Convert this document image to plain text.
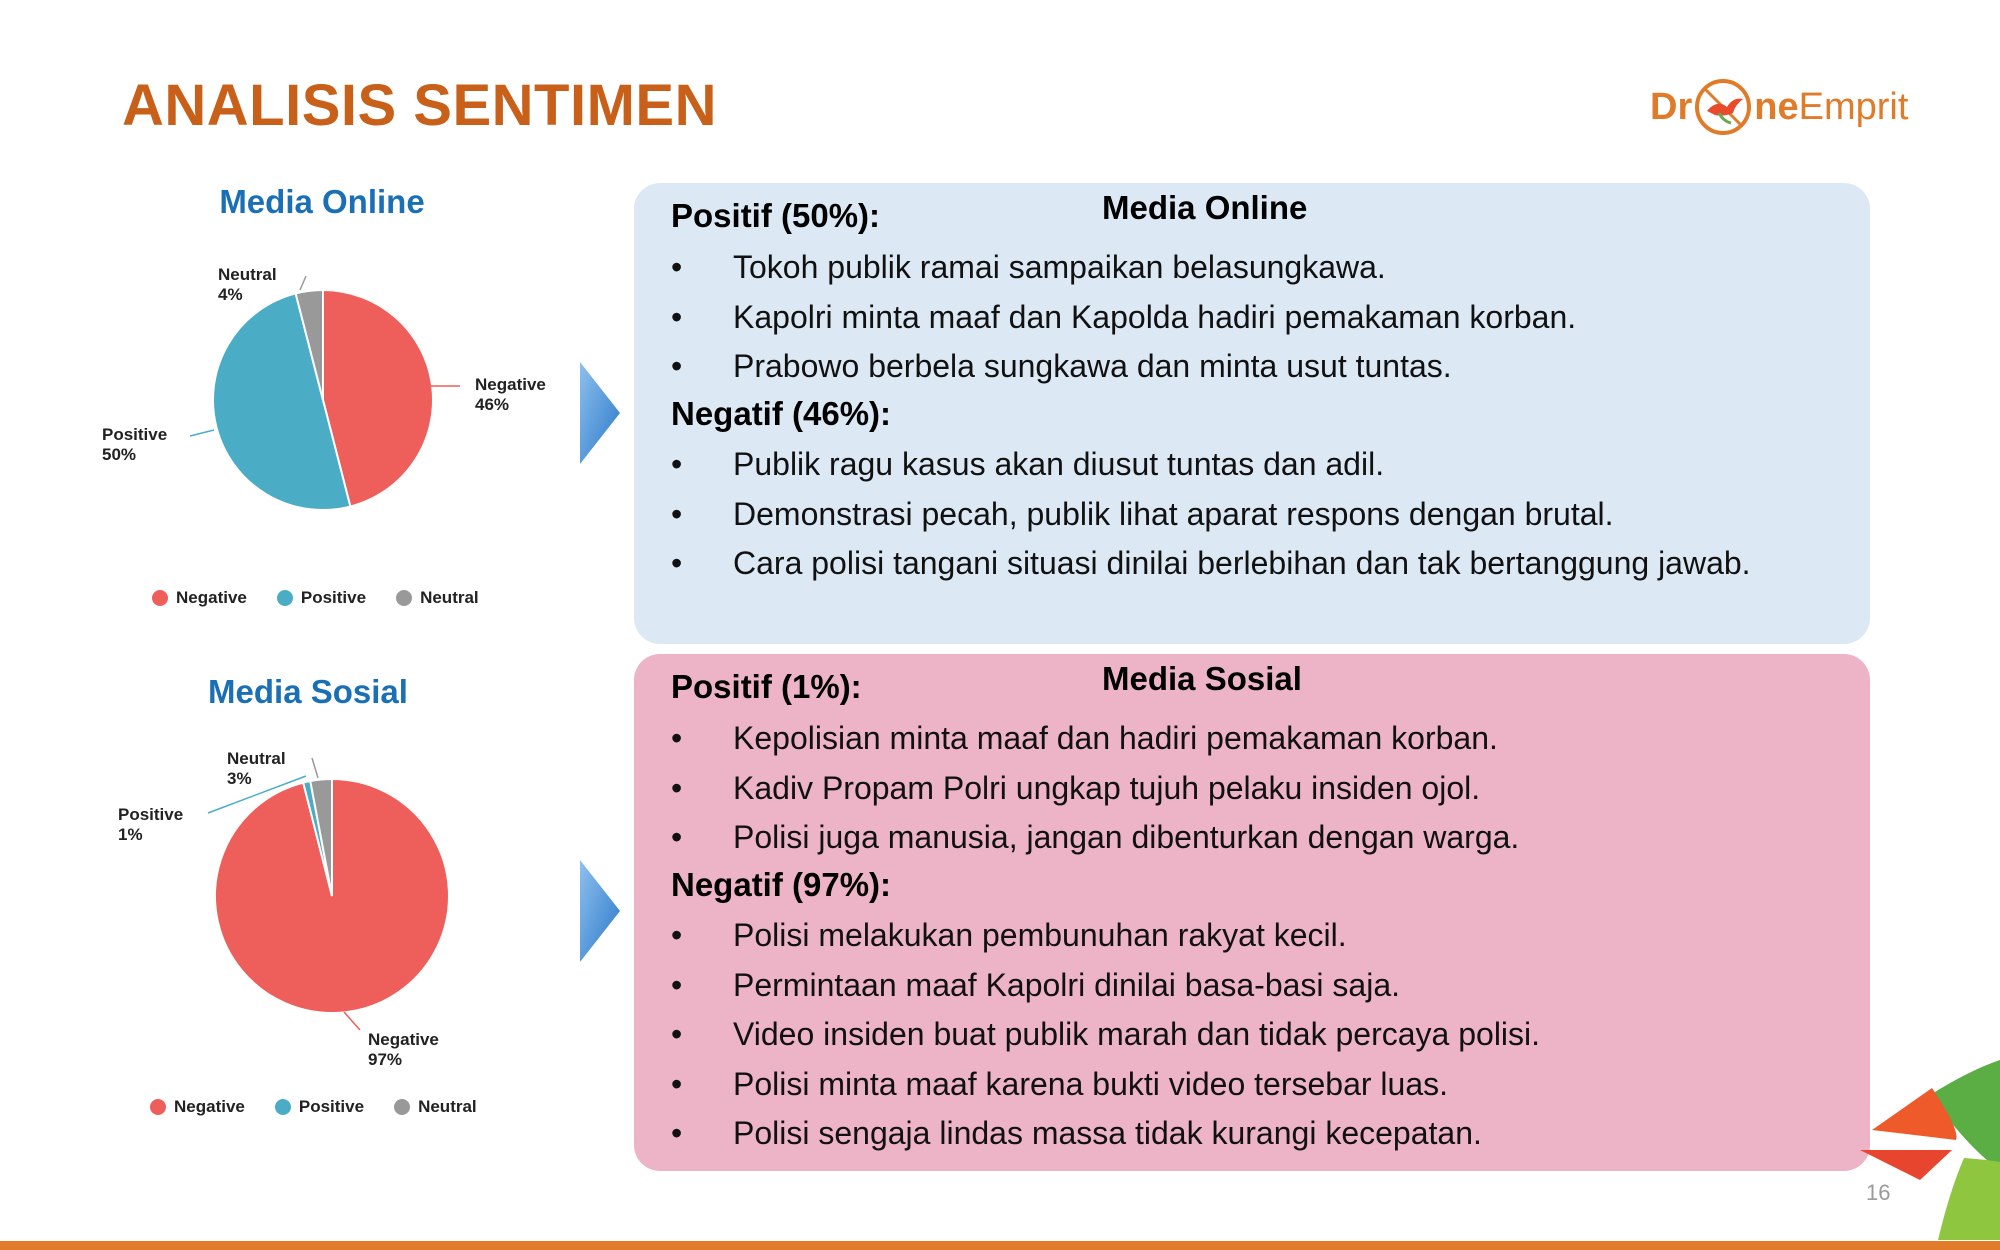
ANALISIS SENTIMEN	Dr ne Emprit
Media Online
Negative
46%
Positive
50%
Neutral
4%
Negative	Positive	Neutral
Media Sosial
Negative
97%
Positive
1%
Neutral
3%
Negative	Positive	Neutral
Media Online
Positif (50%):
• Tokoh publik ramai sampaikan belasungkawa.
• Kapolri minta maaf dan Kapolda hadiri pemakaman korban.
• Prabowo berbela sungkawa dan minta usut tuntas.
Negatif (46%):
• Publik ragu kasus akan diusut tuntas dan adil.
• Demonstrasi pecah, publik lihat aparat respons dengan brutal.
• Cara polisi tangani situasi dinilai berlebihan dan tak bertanggung jawab.
Media Sosial
Positif (1%):
• Kepolisian minta maaf dan hadiri pemakaman korban.
• Kadiv Propam Polri ungkap tujuh pelaku insiden ojol.
• Polisi juga manusia, jangan dibenturkan dengan warga.
Negatif (97%):
• Polisi melakukan pembunuhan rakyat kecil.
• Permintaan maaf Kapolri dinilai basa-basi saja.
• Video insiden buat publik marah dan tidak percaya polisi.
• Polisi minta maaf karena bukti video tersebar luas.
• Polisi sengaja lindas massa tidak kurangi kecepatan.
16
